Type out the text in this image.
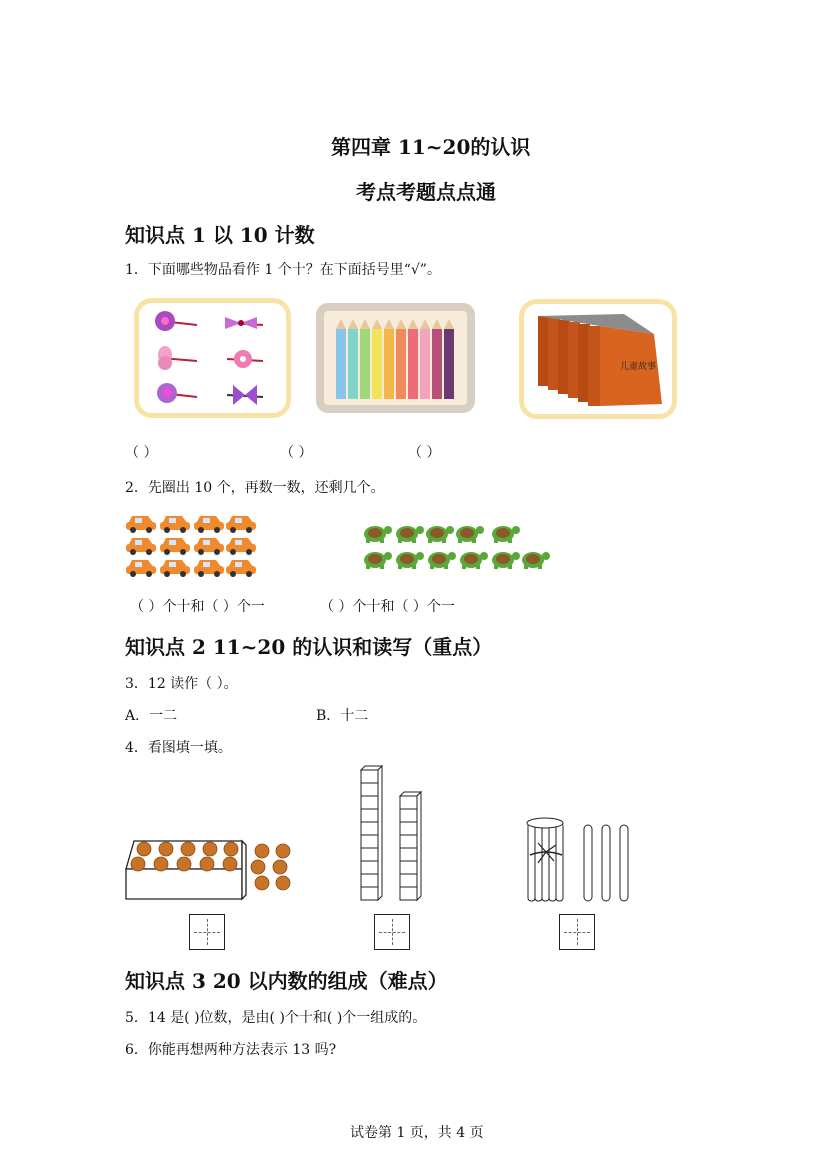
第四章 11~20的认识
考点考题点点通
知识点 1 以 10 计数
1．下面哪些物品看作 1 个十？在下面括号里“√”。
儿童故事
（ ）	（ ）	（ ）
2．先圈出 10 个，再数一数，还剩几个。
（ ）个十和（ ）个一	（ ）个十和（ ）个一
知识点 2 11~20 的认识和读写（重点）
3．12 读作（ ）。
A．一二	B．十二
4．看图填一填。
知识点 3 20 以内数的组成（难点）
5．14 是( )位数，是由( )个十和( )个一组成的。
6．你能再想两种方法表示 13 吗?
试卷第 1 页，共 4 页
